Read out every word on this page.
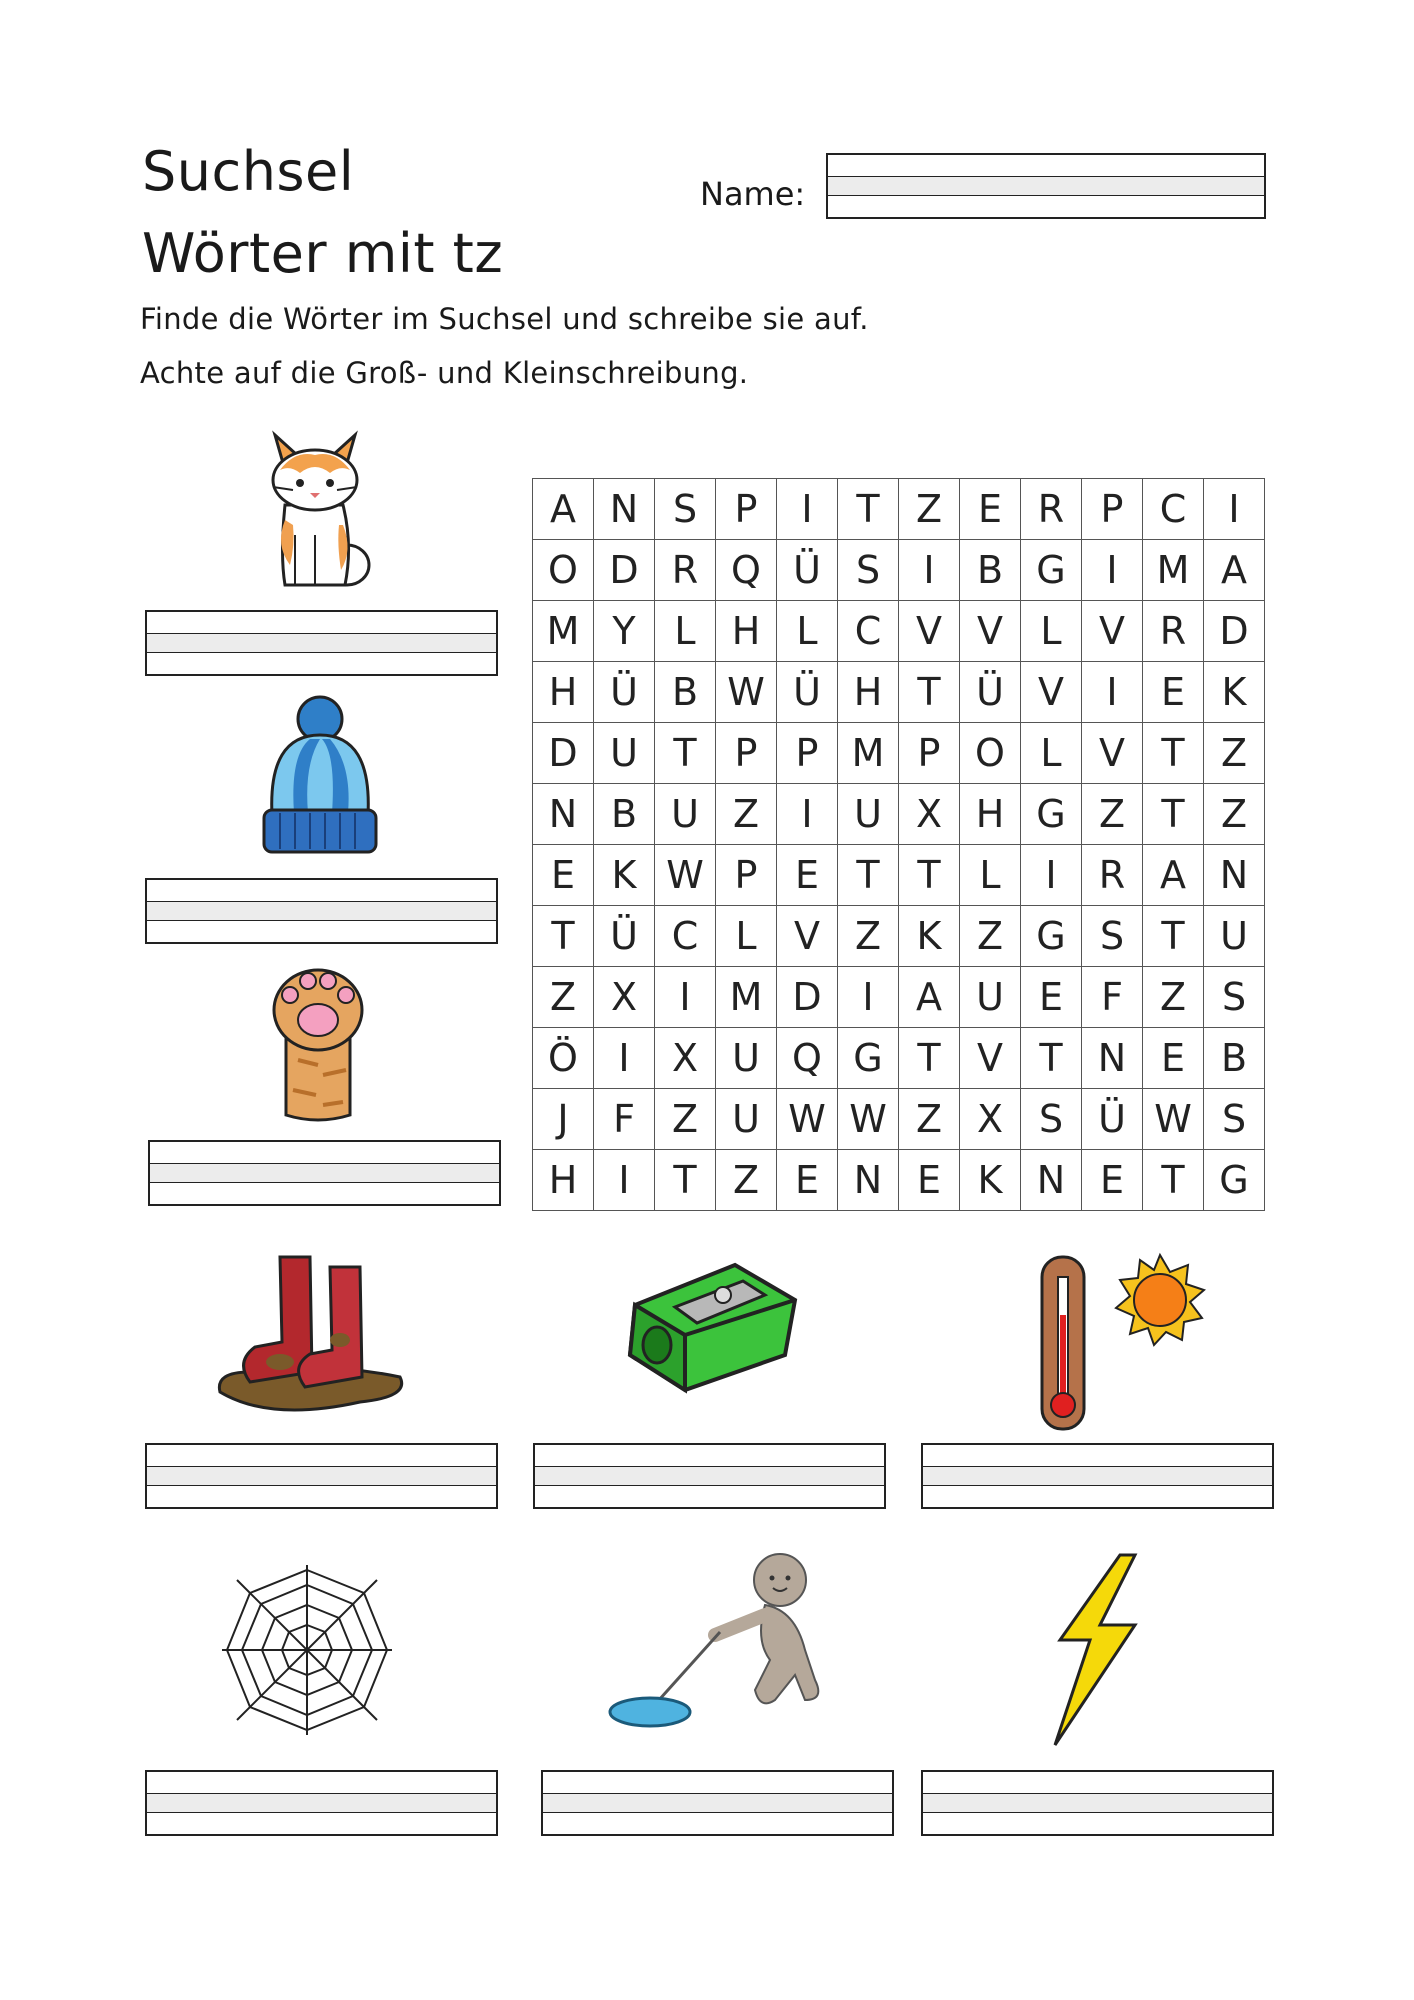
Suchsel
Wörter mit tz
Name:
Finde die Wörter im Suchsel und schreibe sie auf.
Achte auf die Groß- und Kleinschreibung.
A N S P	I	T Z E R P C	I
O D R Q Ü S	I	B G	I	M A
M Y	L H L C V V L V R D
H Ü B W Ü H T Ü V	I	E K
D U T P	P M P O L V T Z
N B U Z	I	U X H G Z T Z
E K W P E T T	L	I	R A N
T Ü C L V Z K Z G S T U
Z X	I	M D	I	A U E	F Z S
Ö	I	X U Q G T V T N E B
J	F Z U W W Z X S Ü W S
H	I	T Z E N E K N E T G
